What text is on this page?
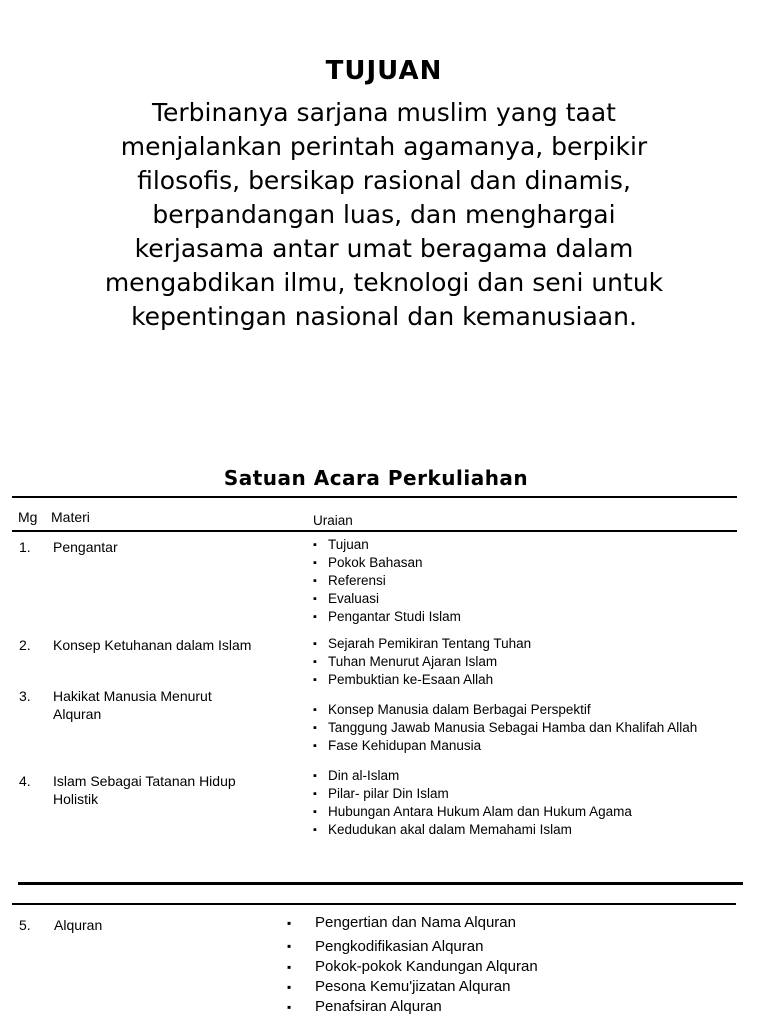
TUJUAN
Terbinanya sarjana muslim yang taat
menjalankan perintah agamanya, berpikir
filosofis, bersikap rasional dan dinamis,
berpandangan luas, dan menghargai
kerjasama antar umat beragama dalam
mengabdikan ilmu, teknologi dan seni untuk
kepentingan nasional dan kemanusiaan.
Satuan Acara Perkuliahan
Mg Materi	Uraian
1. Pengantar	▪ Tujuan
▪ Pokok Bahasan
▪ Referensi
▪ Evaluasi
▪ Pengantar Studi Islam
2. Konsep Ketuhanan dalam Islam	▪ Sejarah Pemikiran Tentang Tuhan
▪ Tuhan Menurut Ajaran Islam
▪ Pembuktian ke-Esaan Allah
3. Hakikat Manusia Menurut
Alquran	▪ Konsep Manusia dalam Berbagai Perspektif
▪ Tanggung Jawab Manusia Sebagai Hamba dan Khalifah Allah
▪ Fase Kehidupan Manusia
4. Islam Sebagai Tatanan Hidup
Holistik
▪ Din al-Islam
▪ Pilar- pilar Din Islam
▪ Hubungan Antara Hukum Alam dan Hukum Agama
▪ Kedudukan akal dalam Memahami Islam
5. Alquran	▪ Pengertian dan Nama Alquran
▪ Pengkodifikasian Alquran
▪ Pokok-pokok Kandungan Alquran
▪ Pesona Kemu'jizatan Alquran
▪ Penafsiran Alquran
